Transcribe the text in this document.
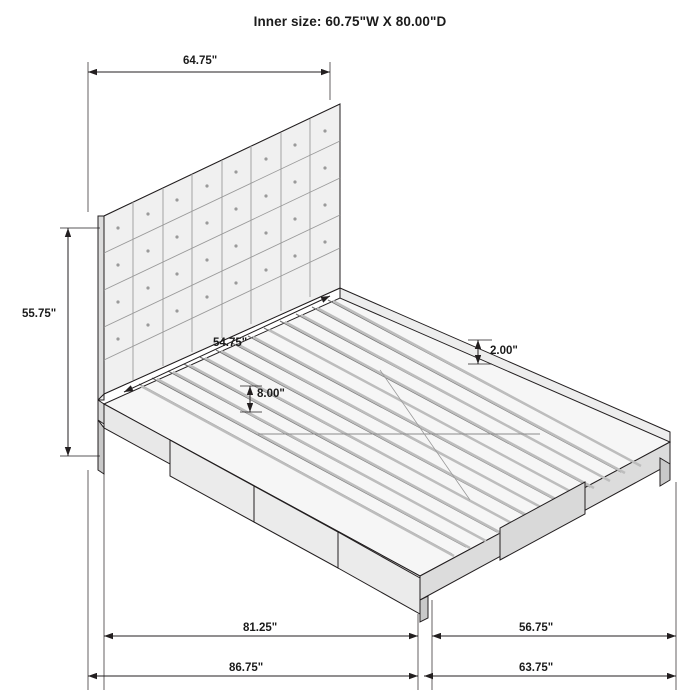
Inner size: 60.75"W X 80.00"D
64.75"
55.75"
54.75"
2.00"
8.00"
81.25"	56.75"
86.75"	63.75"
